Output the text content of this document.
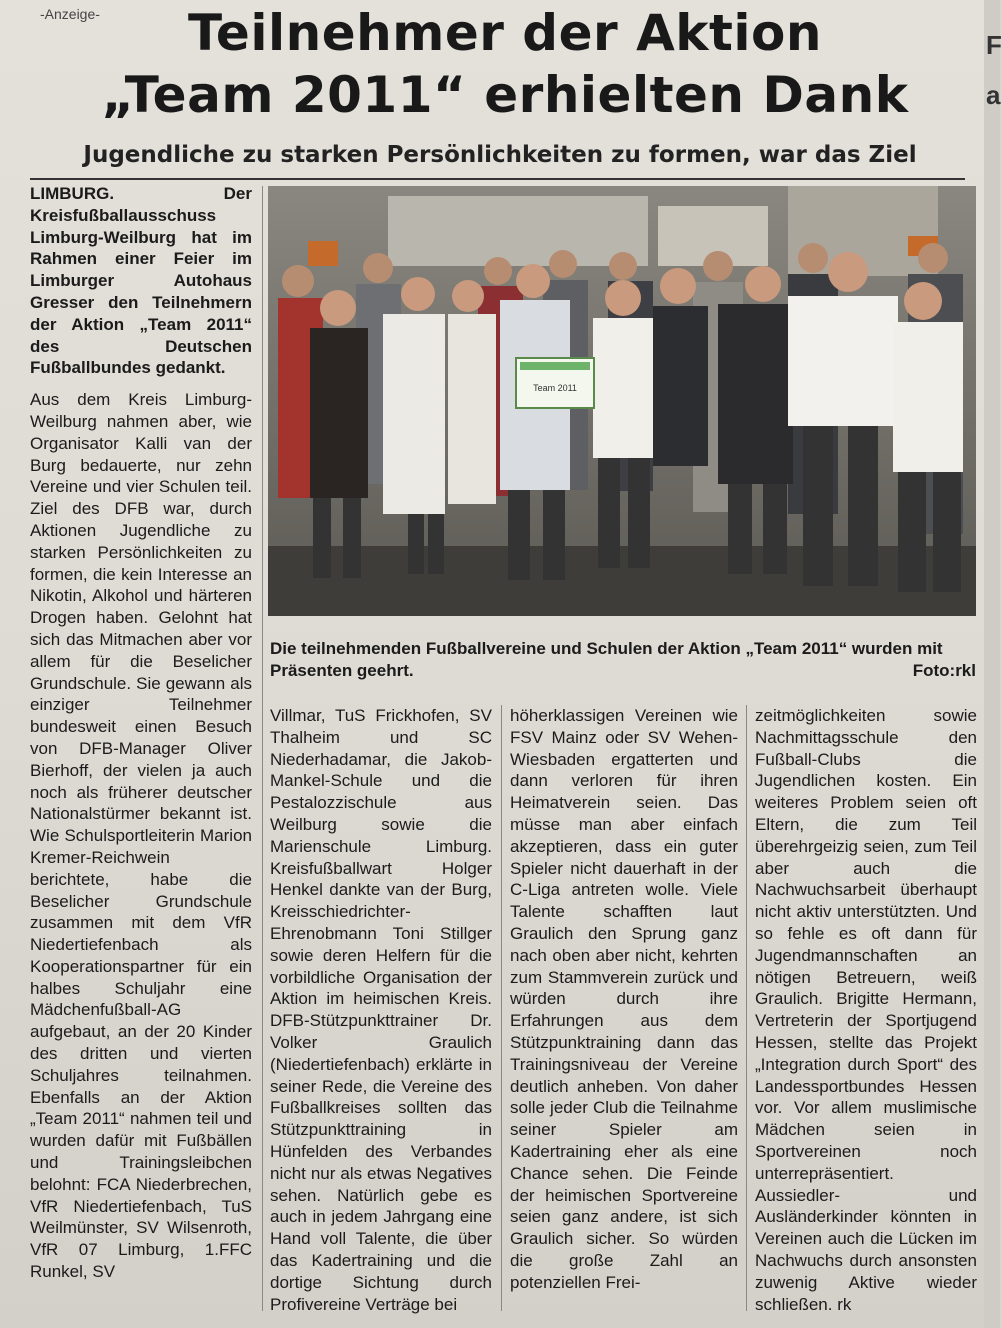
-Anzeige-	Teilnehmer der Aktion
„Team 2011“ erhielten Dank
Jugendliche zu starken Persönlichkeiten zu formen, war das Ziel

LIMBURG. Der Kreisfußballausschuss Limburg-Weilburg hat im Rahmen einer Feier im Limburger Autohaus Gresser den Teilnehmern der Aktion „Team 2011“ des Deutschen Fußballbundes gedankt.

Aus dem Kreis Limburg-Weilburg nahmen aber, wie Organisator Kalli van der Burg bedauerte, nur zehn Vereine und vier Schulen teil. Ziel des DFB war, durch Aktionen Jugendliche zu starken Persönlichkeiten zu formen, die kein Interesse an Nikotin, Alkohol und härteren Drogen haben. Gelohnt hat sich das Mitmachen aber vor allem für die Beselicher Grundschule. Sie gewann als einziger Teilnehmer bundesweit einen Besuch von DFB-Manager Oliver Bierhoff, der vielen ja auch noch als früherer deutscher Nationalstürmer bekannt ist. Wie Schulsportleiterin Marion Kremer-Reichwein berichtete, habe die Beselicher Grundschule zusammen mit dem VfR Niedertiefenbach als Kooperationspartner für ein halbes Schuljahr eine Mädchenfußball-AG aufgebaut, an der 20 Kinder des dritten und vierten Schuljahres teilnahmen. Ebenfalls an der Aktion „Team 2011“ nahmen teil und wurden dafür mit Fußbällen und Trainingsleibchen belohnt: FCA Niederbrechen, VfR Niedertiefenbach, TuS Weilmünster, SV Wilsenroth, VfR 07 Limburg, 1.FFC Runkel, SV

Team 2011
Die teilnehmenden Fußballvereine und Schulen der Aktion „Team 2011“ wurden mit Präsenten geehrt.	Foto:rkl

Villmar, TuS Frickhofen, SV Thalheim und SC Niederhadamar, die Jakob-Mankel-Schule und die Pestalozzischule aus Weilburg sowie die Marienschule Limburg. Kreisfußballwart Holger Henkel dankte van der Burg, Kreisschiedrichter-Ehrenobmann Toni Stillger sowie deren Helfern für die vorbildliche Organisation der Aktion im heimischen Kreis. DFB-Stützpunkttrainer Dr. Volker Graulich (Niedertiefenbach) erklärte in seiner Rede, die Vereine des Fußballkreises sollten das Stützpunkttraining in Hünfelden des Verbandes nicht nur als etwas Negatives sehen. Natürlich gebe es auch in jedem Jahrgang eine Hand voll Talente, die über das Kadertraining und die dortige Sichtung durch Profivereine Verträge bei

höherklassigen Vereinen wie FSV Mainz oder SV Wehen-Wiesbaden ergatterten und dann verloren für ihren Heimatverein seien. Das müsse man aber einfach akzeptieren, dass ein guter Spieler nicht dauerhaft in der C-Liga antreten wolle. Viele Talente schafften laut Graulich den Sprung ganz nach oben aber nicht, kehrten zum Stammverein zurück und würden durch ihre Erfahrungen aus dem Stützpunktraining dann das Trainingsniveau der Vereine deutlich anheben. Von daher solle jeder Club die Teilnahme seiner Spieler am Kadertraining eher als eine Chance sehen. Die Feinde der heimischen Sportvereine seien ganz andere, ist sich Graulich sicher. So würden die große Zahl an potenziellen Frei-

zeitmöglichkeiten sowie Nachmittagsschule den Fußball-Clubs die Jugendlichen kosten. Ein weiteres Problem seien oft Eltern, die zum Teil überehrgeizig seien, zum Teil aber auch die Nachwuchsarbeit überhaupt nicht aktiv unterstützten. Und so fehle es oft dann für Jugendmannschaften an nötigen Betreuern, weiß Graulich. Brigitte Hermann, Vertreterin der Sportjugend Hessen, stellte das Projekt „Integration durch Sport“ des Landessportbundes Hessen vor. Vor allem muslimische Mädchen seien in Sportvereinen noch unterrepräsentiert. Aussiedler- und Ausländerkinder könnten in Vereinen auch die Lücken im Nachwuchs durch ansonsten zuwenig Aktive wieder schließen. rk

F
a
